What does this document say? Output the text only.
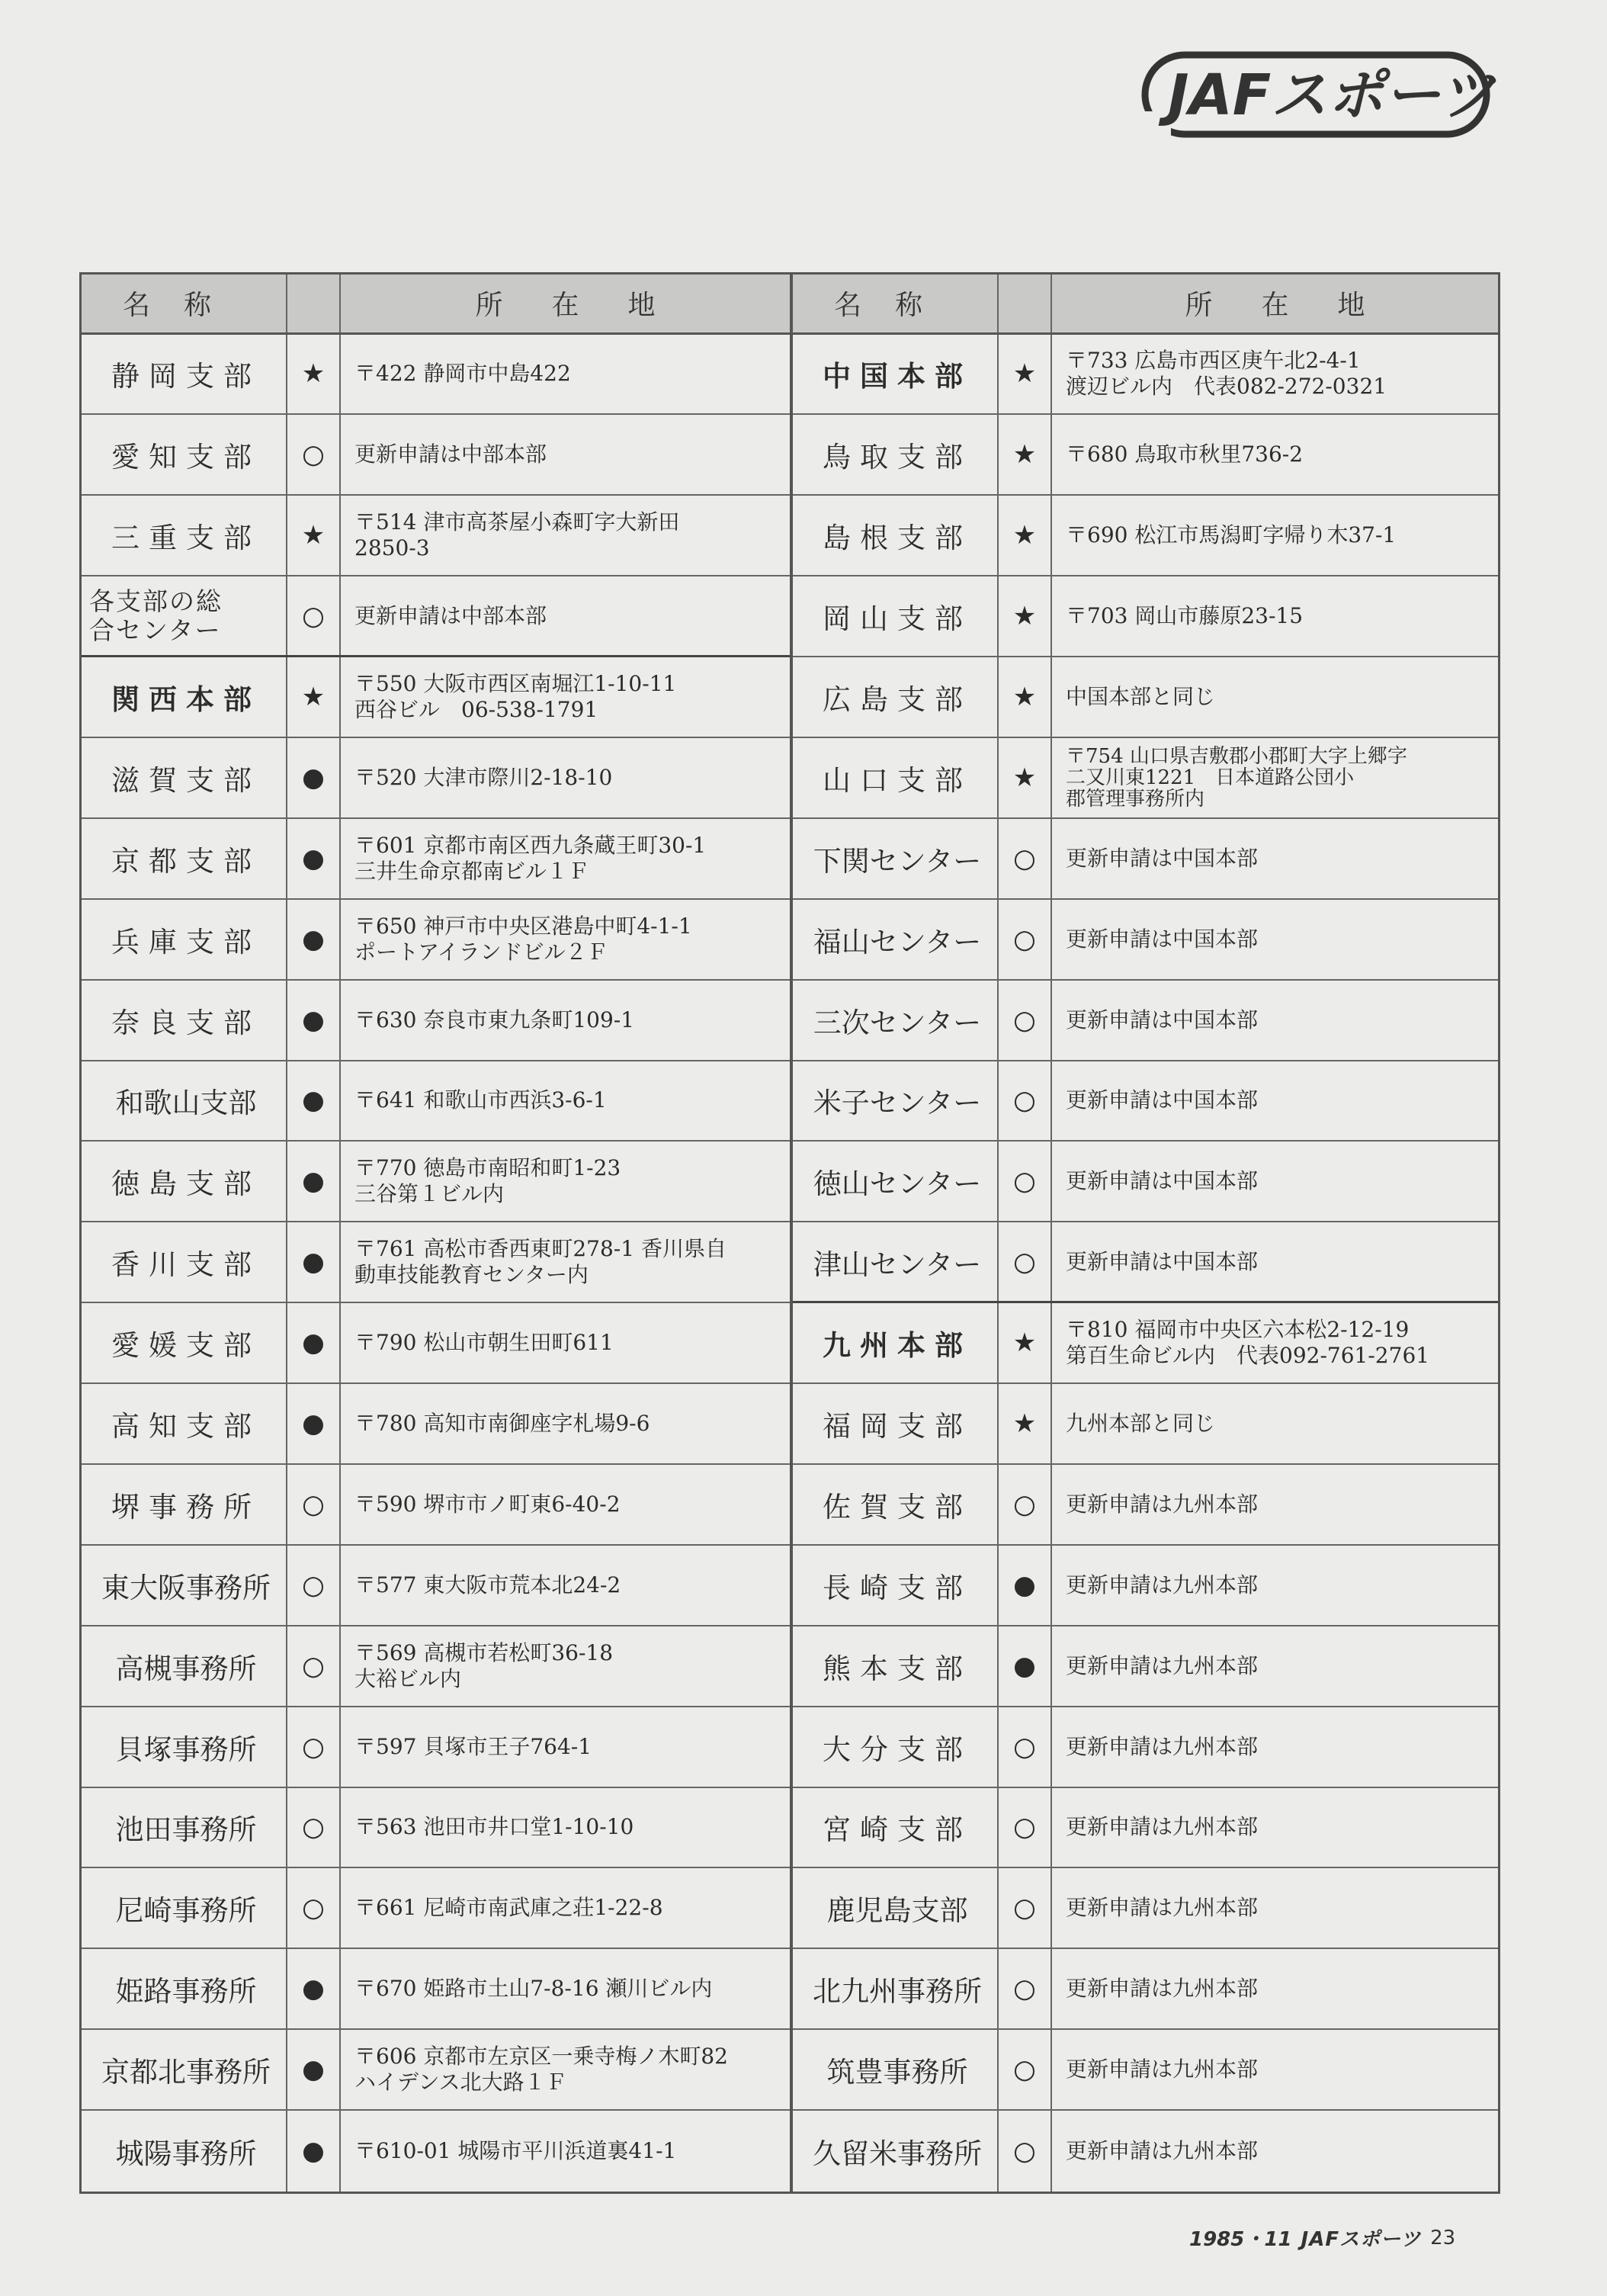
JAFスポーツ
名称	所在地
静岡支部	★	〒422 静岡市中島422
愛知支部	○	更新申請は中部本部
三重支部	★	〒514 津市高茶屋小森町字大新田
2850-3
各支部の総
合センター	○	更新申請は中部本部
関西本部	★	〒550 大阪市西区南堀江1-10-11
西谷ビル　06-538-1791
滋賀支部	●	〒520 大津市際川2-18-10
京都支部	●	〒601 京都市南区西九条蔵王町30-1
三井生命京都南ビル１Ｆ
兵庫支部	●	〒650 神戸市中央区港島中町4-1-1
ポートアイランドビル２Ｆ
奈良支部	●	〒630 奈良市東九条町109-1
和歌山支部	●	〒641 和歌山市西浜3-6-1
徳島支部	●	〒770 徳島市南昭和町1-23
三谷第１ビル内
香川支部	●	〒761 高松市香西東町278-1 香川県自
動車技能教育センター内
愛媛支部	●	〒790 松山市朝生田町611
高知支部	●	〒780 高知市南御座字札場9-6
堺事務所	○	〒590 堺市市ノ町東6-40-2
東大阪事務所	○	〒577 東大阪市荒本北24-2
高槻事務所	○	〒569 高槻市若松町36-18
大裕ビル内
貝塚事務所	○	〒597 貝塚市王子764-1
池田事務所	○	〒563 池田市井口堂1-10-10
尼崎事務所	○	〒661 尼崎市南武庫之荘1-22-8
姫路事務所	●	〒670 姫路市土山7-8-16 瀬川ビル内
京都北事務所	●	〒606 京都市左京区一乗寺梅ノ木町82
ハイデンス北大路１Ｆ
城陽事務所	●	〒610-01 城陽市平川浜道裏41-1
名称	所在地
中国本部	★	〒733 広島市西区庚午北2-4-1
渡辺ビル内　代表082-272-0321
鳥取支部	★	〒680 鳥取市秋里736-2
島根支部	★	〒690 松江市馬潟町字帰り木37-1
岡山支部	★	〒703 岡山市藤原23-15
広島支部	★	中国本部と同じ
山口支部	★
〒754 山口県吉敷郡小郡町大字上郷字
二又川東1221　日本道路公団小
郡管理事務所内
下関センター	○	更新申請は中国本部
福山センター	○	更新申請は中国本部
三次センター	○	更新申請は中国本部
米子センター	○	更新申請は中国本部
徳山センター	○	更新申請は中国本部
津山センター	○	更新申請は中国本部
九州本部	★	〒810 福岡市中央区六本松2-12-19
第百生命ビル内　代表092-761-2761
福岡支部	★	九州本部と同じ
佐賀支部	○	更新申請は九州本部
長崎支部	●	更新申請は九州本部
熊本支部	●	更新申請は九州本部
大分支部	○	更新申請は九州本部
宮崎支部	○	更新申請は九州本部
鹿児島支部	○	更新申請は九州本部
北九州事務所	○	更新申請は九州本部
筑豊事務所	○	更新申請は九州本部
久留米事務所	○	更新申請は九州本部
1985・11 JAFスポーツ 23
